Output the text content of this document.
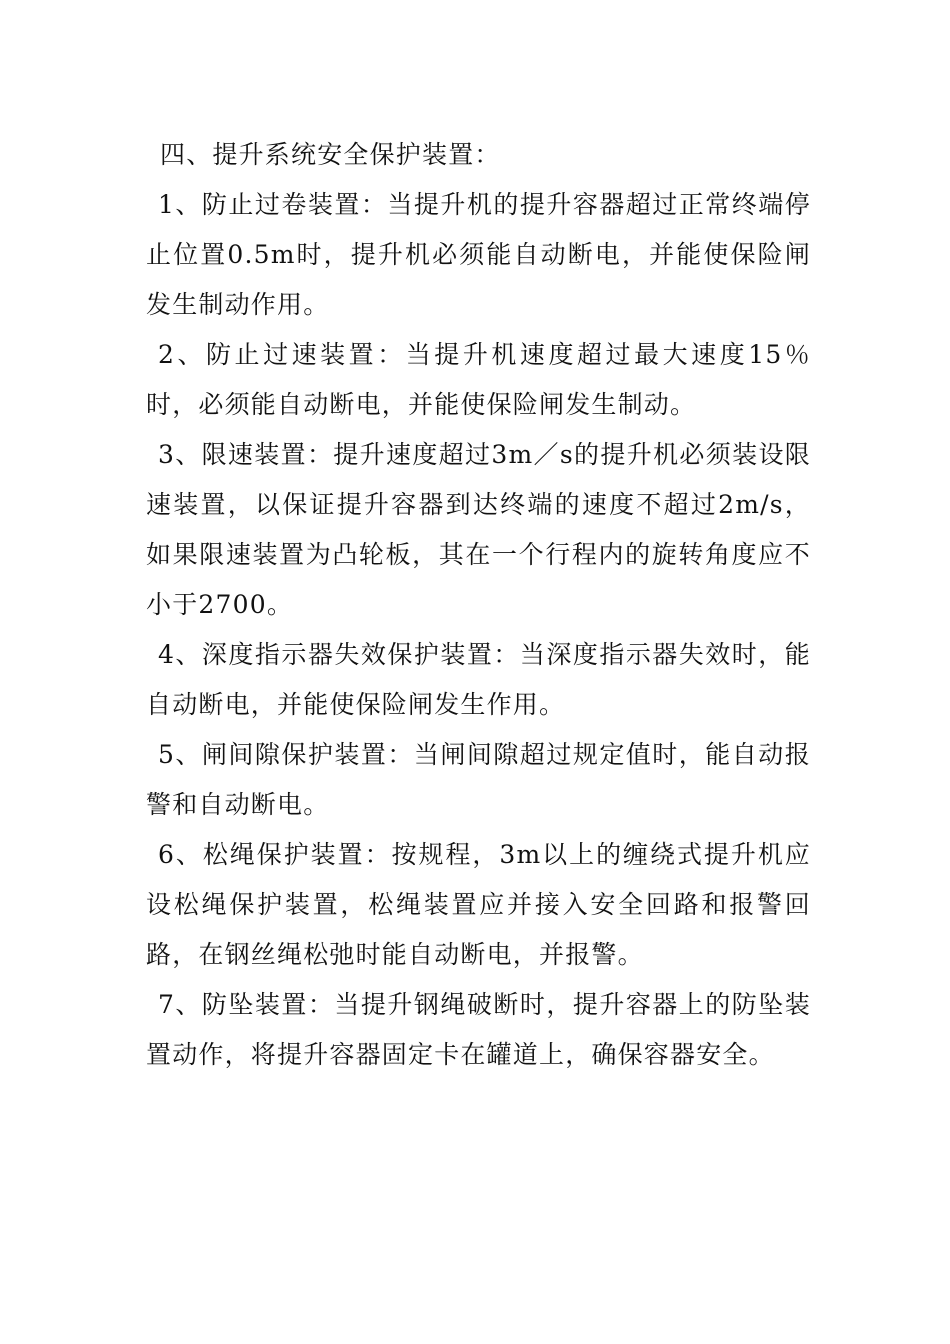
四、提升系统安全保护装置：

1、防止过卷装置：当提升机的提升容器超过正常终端停止位置0.5m时，提升机必须能自动断电，并能使保险闸发生制动作用。

2、防止过速装置：当提升机速度超过最大速度15％时，必须能自动断电，并能使保险闸发生制动。

3、限速装置：提升速度超过3m／s的提升机必须装设限速装置，以保证提升容器到达终端的速度不超过2m/s，如果限速装置为凸轮板，其在一个行程内的旋转角度应不小于2700。

4、深度指示器失效保护装置：当深度指示器失效时，能自动断电，并能使保险闸发生作用。

5、闸间隙保护装置：当闸间隙超过规定值时，能自动报警和自动断电。

6、松绳保护装置：按规程，3m以上的缠绕式提升机应设松绳保护装置，松绳装置应并接入安全回路和报警回路，在钢丝绳松弛时能自动断电，并报警。

7、防坠装置：当提升钢绳破断时，提升容器上的防坠装置动作，将提升容器固定卡在罐道上，确保容器安全。
